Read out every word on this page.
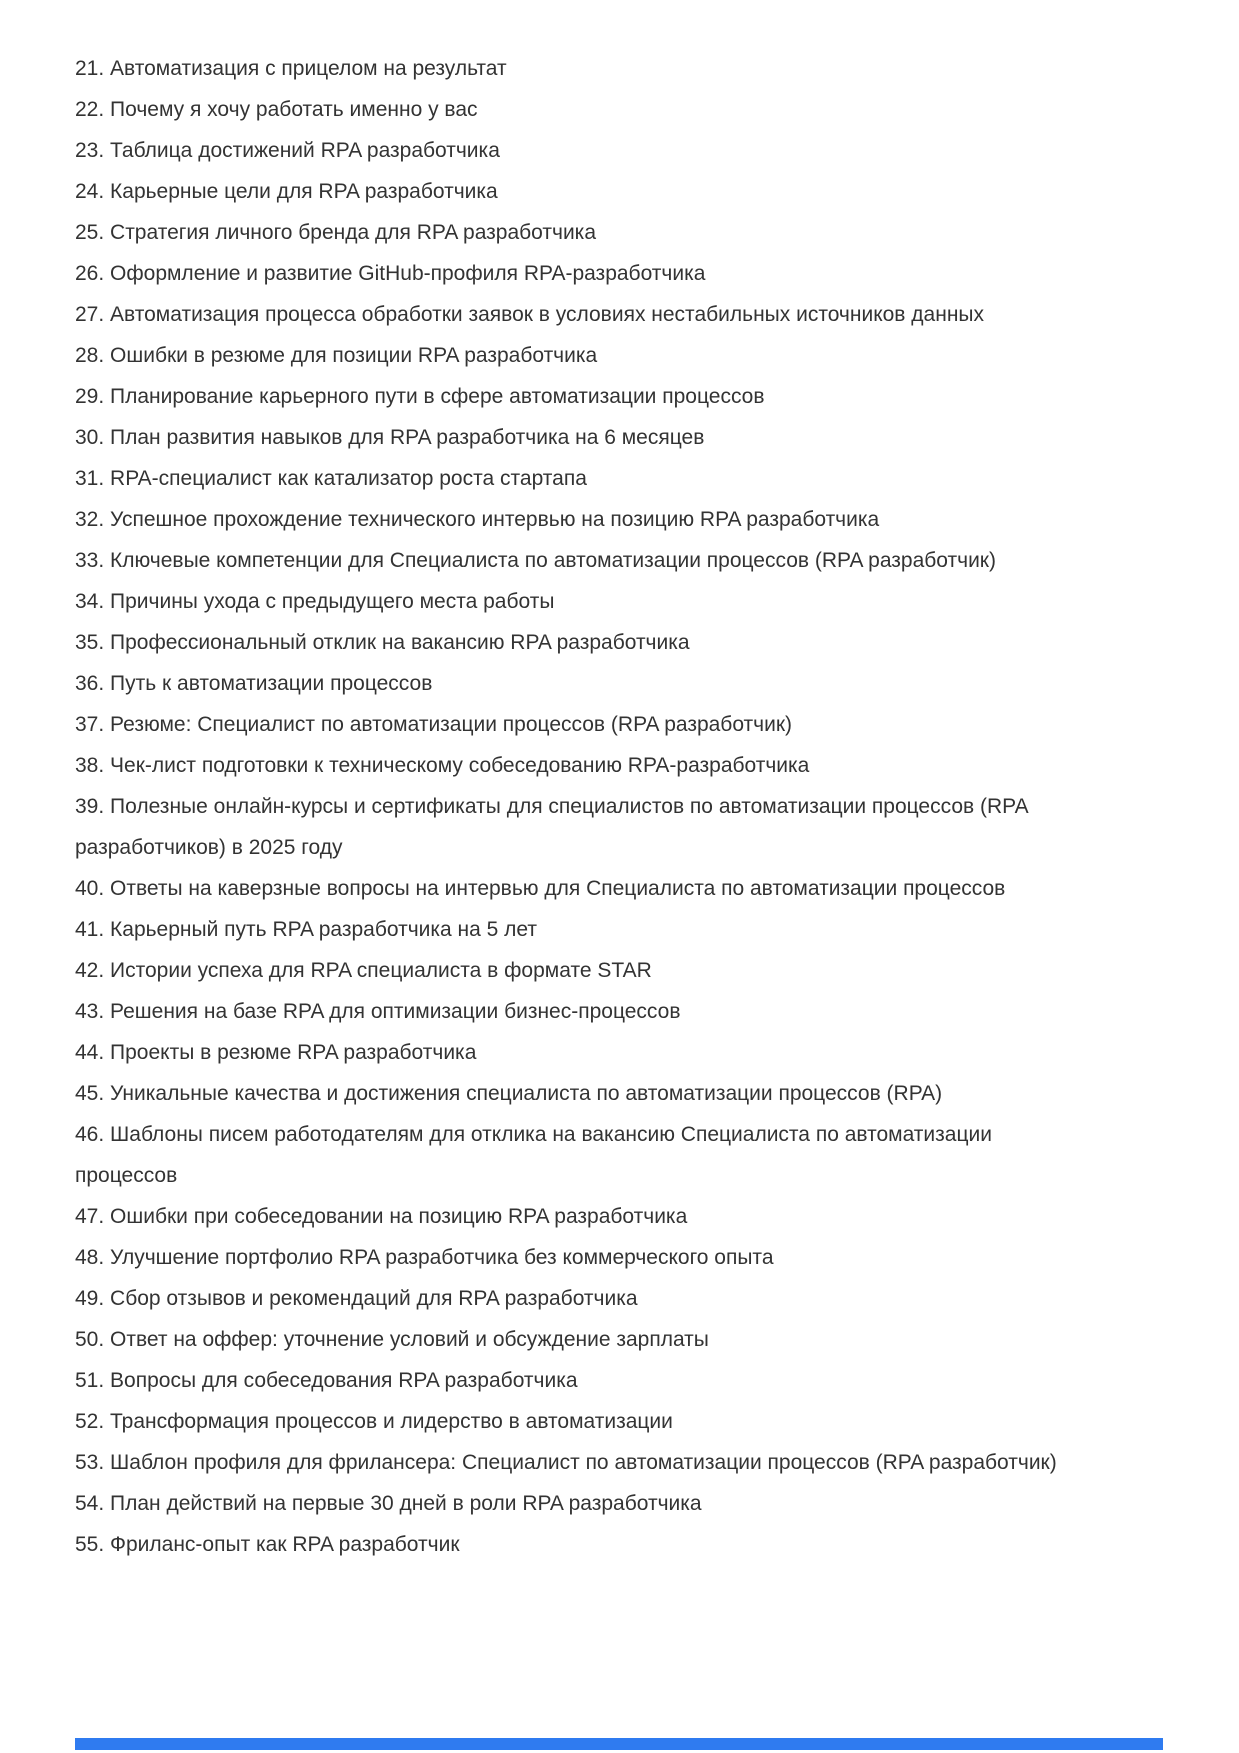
21. Автоматизация с прицелом на результат

22. Почему я хочу работать именно у вас

23. Таблица достижений RPA разработчика

24. Карьерные цели для RPA разработчика

25. Стратегия личного бренда для RPA разработчика

26. Оформление и развитие GitHub-профиля RPA-разработчика

27. Автоматизация процесса обработки заявок в условиях нестабильных источников данных

28. Ошибки в резюме для позиции RPA разработчика

29. Планирование карьерного пути в сфере автоматизации процессов

30. План развития навыков для RPA разработчика на 6 месяцев

31. RPA-специалист как катализатор роста стартапа

32. Успешное прохождение технического интервью на позицию RPA разработчика

33. Ключевые компетенции для Специалиста по автоматизации процессов (RPA разработчик)

34. Причины ухода с предыдущего места работы

35. Профессиональный отклик на вакансию RPA разработчика

36. Путь к автоматизации процессов

37. Резюме: Специалист по автоматизации процессов (RPA разработчик)

38. Чек-лист подготовки к техническому собеседованию RPA-разработчика

39. Полезные онлайн-курсы и сертификаты для специалистов по автоматизации процессов (RPA разработчиков) в 2025 году

40. Ответы на каверзные вопросы на интервью для Специалиста по автоматизации процессов

41. Карьерный путь RPA разработчика на 5 лет

42. Истории успеха для RPA специалиста в формате STAR

43. Решения на базе RPA для оптимизации бизнес-процессов

44. Проекты в резюме RPA разработчика

45. Уникальные качества и достижения специалиста по автоматизации процессов (RPA)

46. Шаблоны писем работодателям для отклика на вакансию Специалиста по автоматизации процессов

47. Ошибки при собеседовании на позицию RPA разработчика

48. Улучшение портфолио RPA разработчика без коммерческого опыта

49. Сбор отзывов и рекомендаций для RPA разработчика

50. Ответ на оффер: уточнение условий и обсуждение зарплаты

51. Вопросы для собеседования RPA разработчика

52. Трансформация процессов и лидерство в автоматизации

53. Шаблон профиля для фрилансера: Специалист по автоматизации процессов (RPA разработчик)

54. План действий на первые 30 дней в роли RPA разработчика

55. Фриланс-опыт как RPA разработчик
